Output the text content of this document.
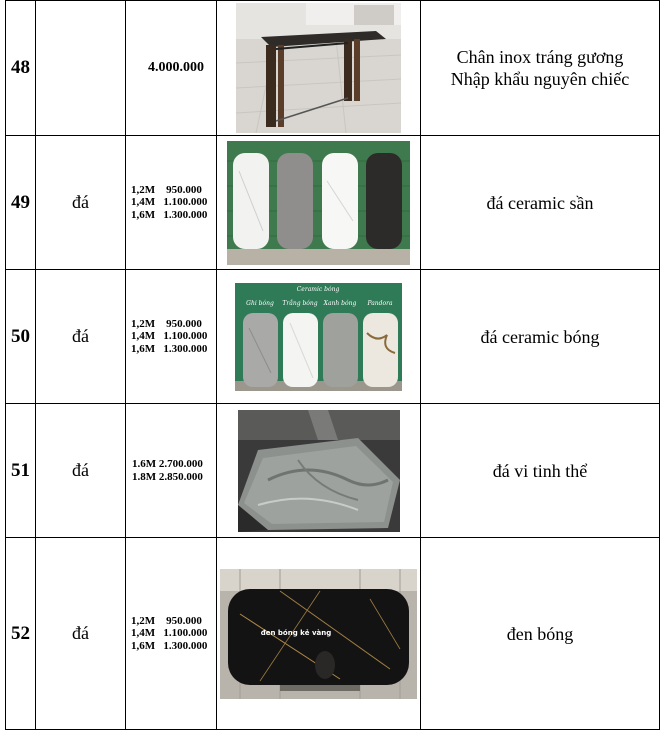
48		4.000.000		Chân inox tráng gương
Nhập khẩu nguyên chiếc
49	đá	1,2M    950.000
1,4M   1.100.000
1,6M   1.300.000		đá ceramic sần
50	đá	1,2M    950.000
1,4M   1.100.000
1,6M   1.300.000	Ceramic bóng
Ghi bóng Trắng bóng Xanh bóng Pandora	đá ceramic bóng
51	đá	1.6M 2.700.000
1.8M 2.850.000		đá vi tinh thể
52	đá	1,2M    950.000
1,4M   1.100.000
1,6M   1.300.000	đen bóng kẻ vàng	đen bóng
